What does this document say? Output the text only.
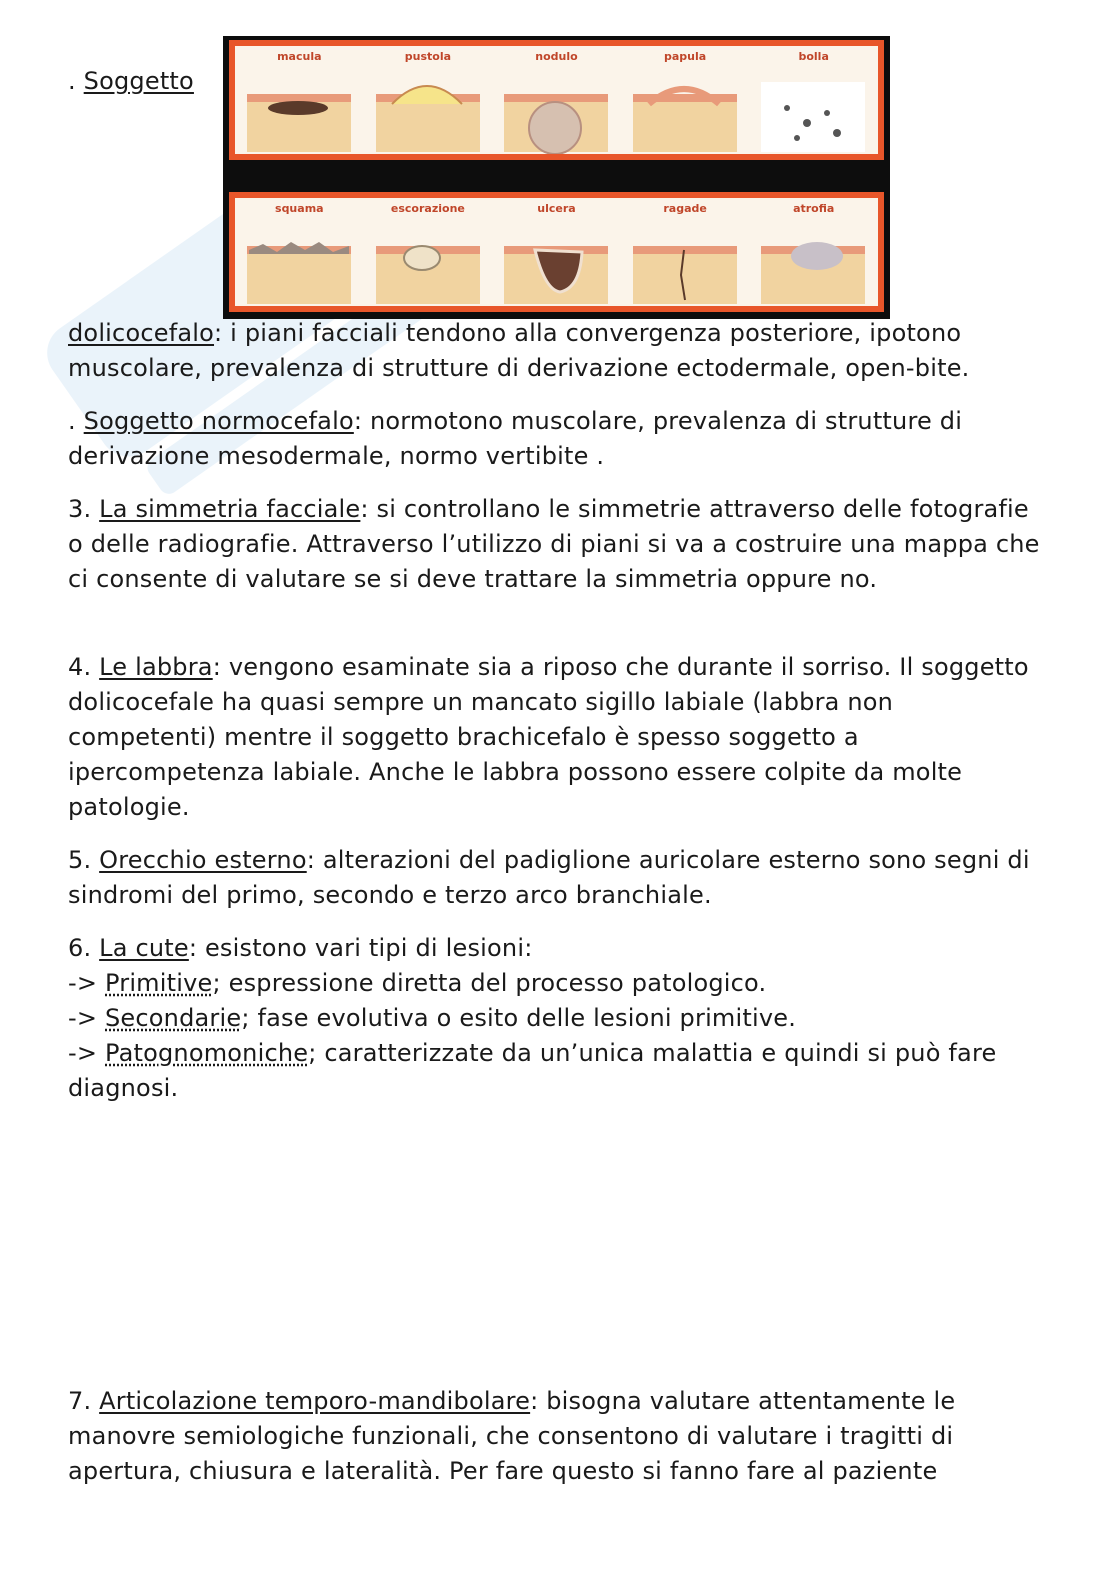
. Soggetto

macula	pustola	nodulo	papula	bolla
squama	escorazione	ulcera	ragade	atrofia

dolicocefalo: i piani facciali tendono alla convergenza posteriore, ipotono muscolare, prevalenza di strutture di derivazione ectodermale, open-bite.

. Soggetto normocefalo: normotono muscolare, prevalenza di strutture di derivazione mesodermale, normo vertibite .

3. La simmetria facciale: si controllano le simmetrie attraverso delle fotografie o delle radiografie. Attraverso l’utilizzo di piani si va a costruire una mappa che ci consente di valutare se si deve trattare la simmetria oppure no.

4. Le labbra: vengono esaminate sia a riposo che durante il sorriso. Il soggetto dolicocefale ha quasi sempre un mancato sigillo labiale (labbra non competenti) mentre il soggetto brachicefalo è spesso soggetto a ipercompetenza labiale. Anche le labbra possono essere colpite da molte patologie.

5. Orecchio esterno: alterazioni del padiglione auricolare esterno sono segni di sindromi del primo, secondo e terzo arco branchiale.

6. La cute: esistono vari tipi di lesioni:
-> Primitive; espressione diretta del processo patologico.
-> Secondarie; fase evolutiva o esito delle lesioni primitive.
-> Patognomoniche; caratterizzate da un’unica malattia e quindi si può fare diagnosi.

7. Articolazione temporo-mandibolare: bisogna valutare attentamente le manovre semiologiche funzionali, che consentono di valutare i tragitti di apertura, chiusura e lateralità. Per fare questo si fanno fare al paziente
